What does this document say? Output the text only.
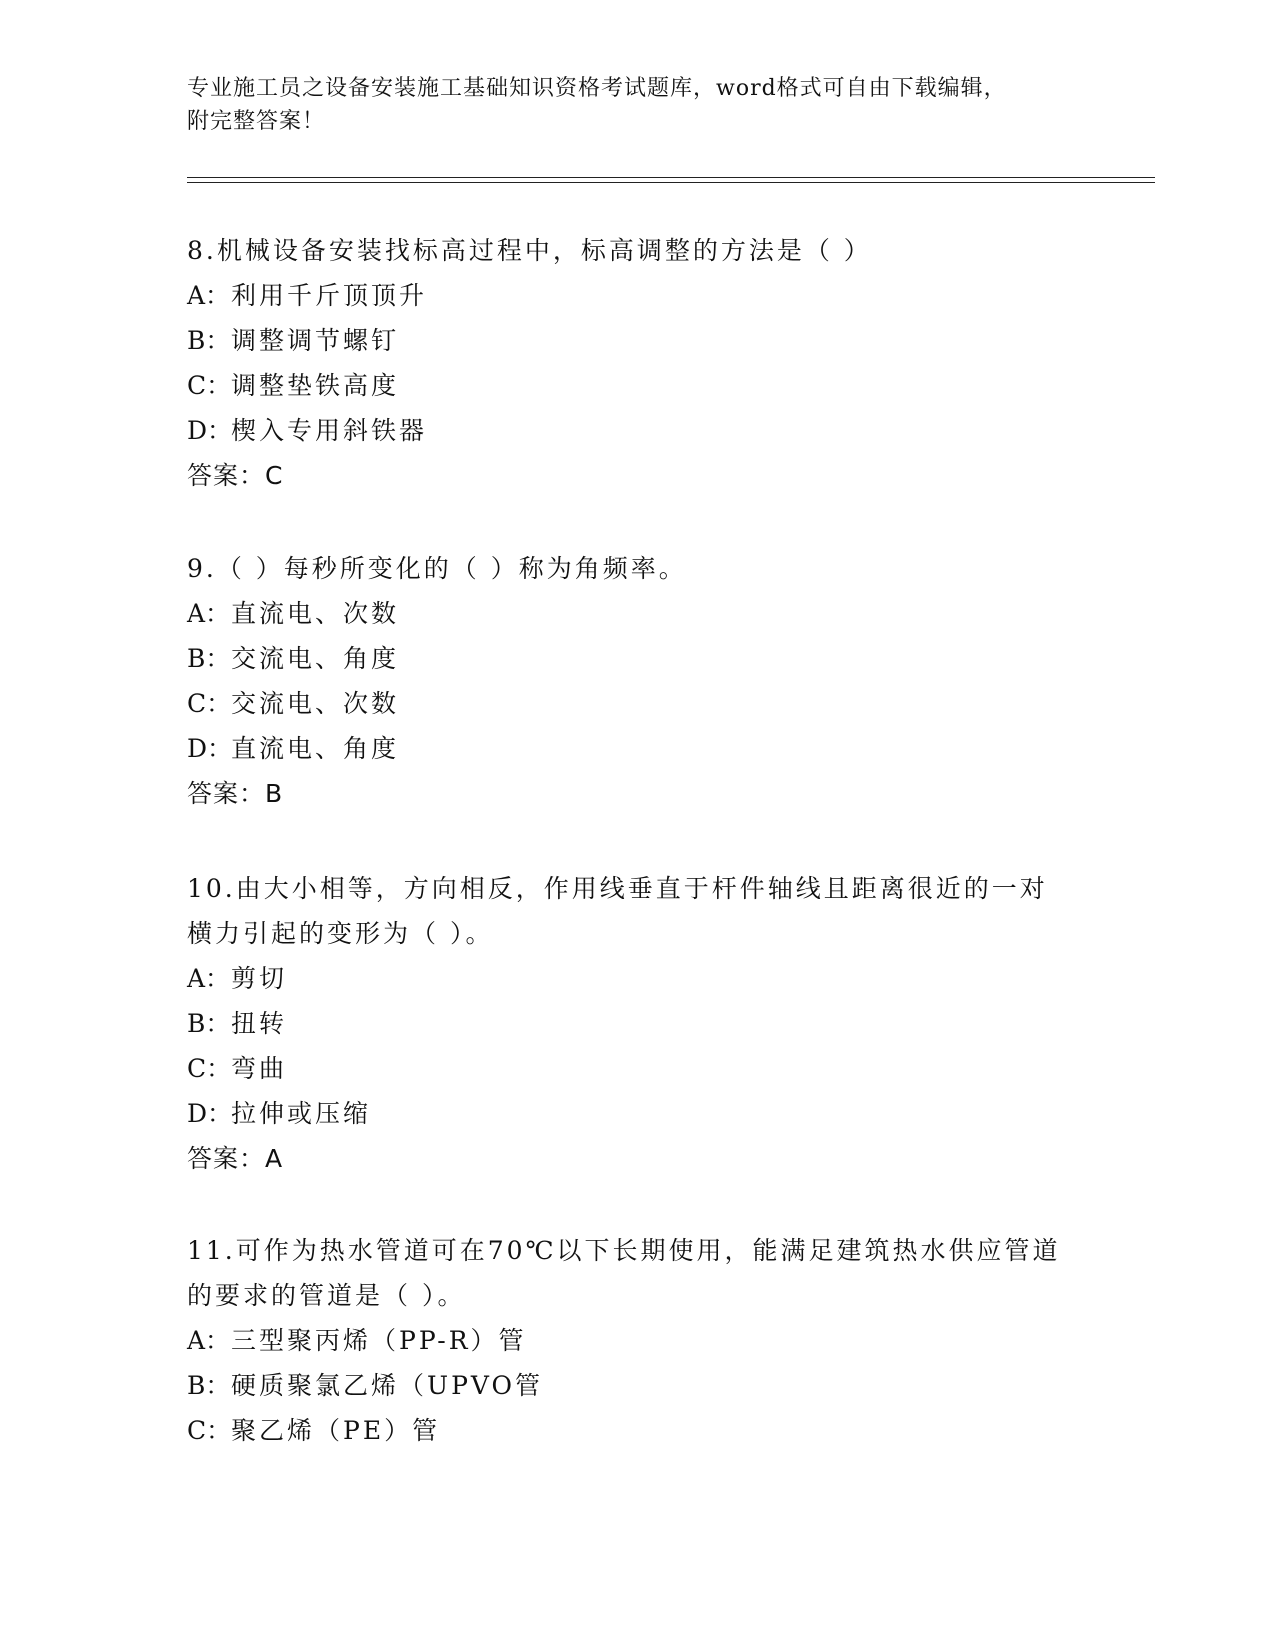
专业施工员之设备安装施工基础知识资格考试题库，word格式可自由下载编辑，
附完整答案！

8.机械设备安装找标高过程中，标高调整的方法是（ ）

A：利用千斤顶顶升

B：调整调节螺钉

C：调整垫铁高度

D：楔入专用斜铁器

答案：C

9.（ ）每秒所变化的（ ）称为角频率。

A：直流电、次数

B：交流电、角度

C：交流电、次数

D：直流电、角度

答案：B

10.由大小相等，方向相反，作用线垂直于杆件轴线且距离很近的一对

横力引起的变形为（ ）。

A：剪切

B：扭转

C：弯曲

D：拉伸或压缩

答案：A

11.可作为热水管道可在70℃以下长期使用，能满足建筑热水供应管道

的要求的管道是（ ）。

A：三型聚丙烯（PP-R）管

B：硬质聚氯乙烯（UPVO管

C：聚乙烯（PE）管
